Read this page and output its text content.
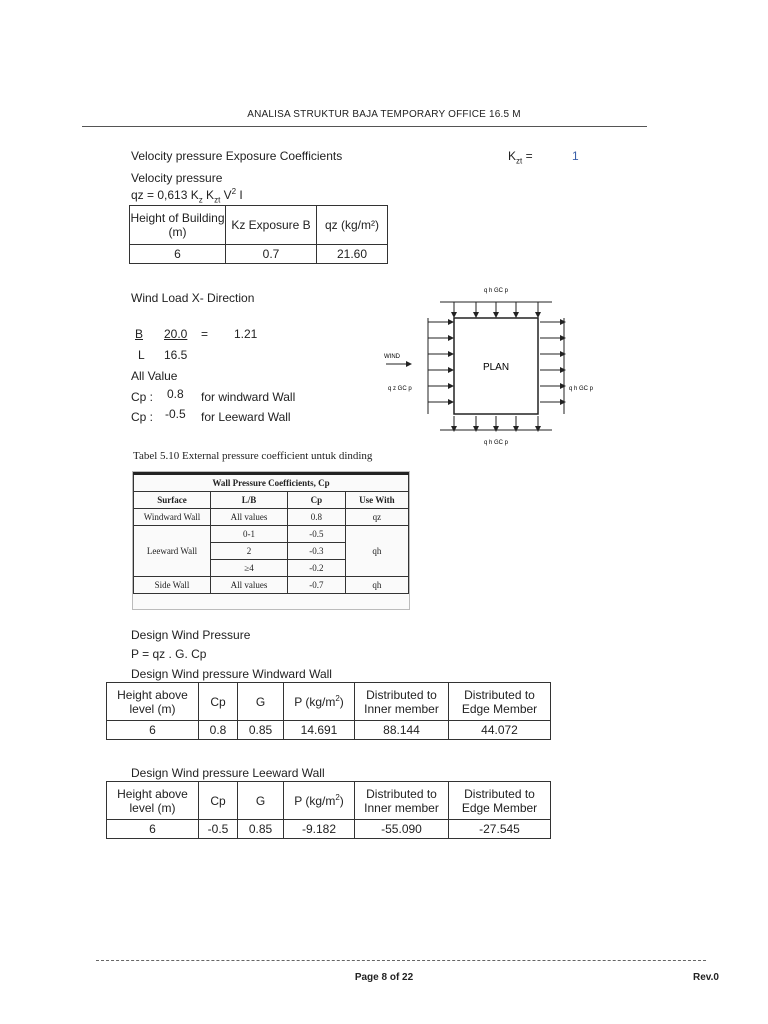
ANALISA STRUKTUR BAJA TEMPORARY OFFICE 16.5 M
Velocity pressure Exposure Coefficients	$K_{zt}$ =	1
Velocity pressure
qz = 0,613 $K_z$ $K_{zt}$ $V^2$ I
Height of Building (m)	Kz Exposure B	qz (kg/m²)
6	0.7	21.60
Wind Load X- Direction
B 20.0 = 1.21
L 16.5
All Value
Cp : 0.8 for windward Wall
Cp : -0.5 for Leeward Wall
PLAN
WIND
q h GC p
q h GC p
q z GC p	q h GC p
Tabel 5.10 External pressure coefficient untuk dinding
Wall Pressure Coefficients, Cp			
Surface	L/B	Cp	Use With
Windward Wall	All values	0.8	qz
Leeward Wall	0-1	-0.5	qh
	2	-0.3	
	≥4	-0.2	
Side Wall	All values	-0.7	qh
Design Wind Pressure
P = qz . G. Cp
Design Wind pressure Windward Wall
Height above level (m)	Cp	G	P $(kg/m^2)$	Distributed to Inner member	Distributed to Edge Member
6	0.8	0.85	14.691	88.144	44.072
Design Wind pressure Leeward Wall
Height above level (m)	Cp	G	P $(kg/m^2)$	Distributed to Inner member	Distributed to Edge Member
6	-0.5	0.85	-9.182	-55.090	-27.545
Page 8 of 22	Rev.0
